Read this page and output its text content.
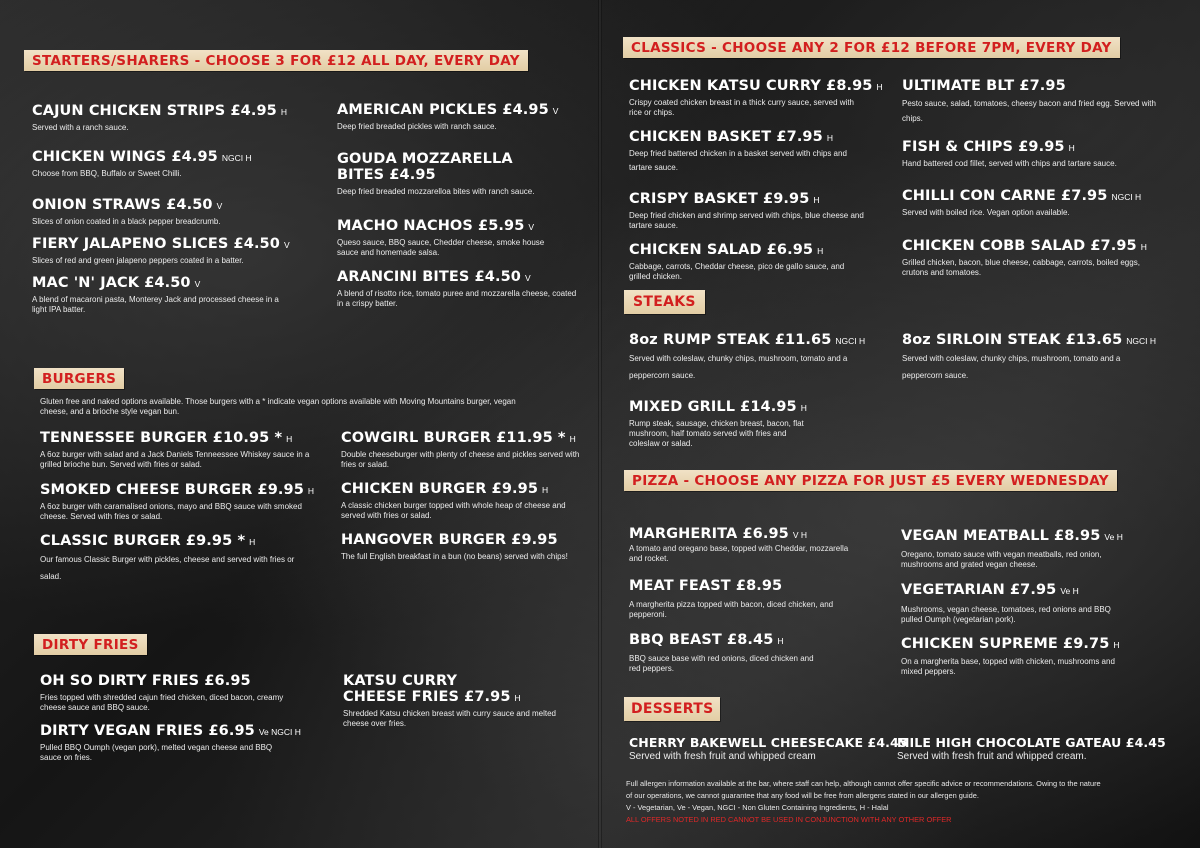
STARTERS/SHARERS - CHOOSE 3 FOR £12 ALL DAY, EVERY DAY
CAJUN CHICKEN STRIPS £4.95 H
Served with a ranch sauce.
CHICKEN WINGS £4.95 NGCI H
Choose from BBQ, Buffalo or Sweet Chilli.
ONION STRAWS £4.50 V
Slices of onion coated in a black pepper breadcrumb.
FIERY JALAPENO SLICES £4.50 V
Slices of red and green jalapeno peppers coated in a batter.
MAC 'N' JACK £4.50 V
A blend of macaroni pasta, Monterey Jack and processed cheese in a light IPA batter.
AMERICAN PICKLES £4.95 V
Deep fried breaded pickles with ranch sauce.
GOUDA MOZZARELLA BITES £4.95
Deep fried breaded mozzarelloa bites with ranch sauce.
MACHO NACHOS £5.95 V
Queso sauce, BBQ sauce, Chedder cheese, smoke house sauce and homemade salsa.
ARANCINI BITES £4.50 V
A blend of risotto rice, tomato puree and mozzarella cheese, coated in a crispy batter.
BURGERS
Gluten free and naked options available. Those burgers with a * indicate vegan options available with Moving Mountains burger, vegan cheese, and a brioche style vegan bun.
TENNESSEE BURGER £10.95 * H
A 6oz burger with salad and a Jack Daniels Tenneessee Whiskey sauce in a grilled brioche bun. Served with fries or salad.
SMOKED CHEESE BURGER £9.95 H
A 6oz burger with caramalised onions, mayo and BBQ sauce with smoked cheese. Served with fries or salad.
CLASSIC BURGER £9.95 * H
Our famous Classic Burger with pickles, cheese and served with fries or salad.
COWGIRL BURGER £11.95 * H
Double cheeseburger with plenty of cheese and pickles served with fries or salad.
CHICKEN BURGER £9.95 H
A classic chicken burger topped with whole heap of cheese and served with fries or salad.
HANGOVER BURGER £9.95
The full English breakfast in a bun (no beans) served with chips!
DIRTY FRIES
OH SO DIRTY FRIES £6.95
Fries topped with shredded cajun fried chicken, diced bacon, creamy cheese sauce and BBQ sauce.
DIRTY VEGAN FRIES £6.95 Ve NGCI H
Pulled BBQ Oumph (vegan pork), melted vegan cheese and BBQ sauce on fries.
KATSU CURRY
CHEESE FRIES £7.95 H
Shredded Katsu chicken breast with curry sauce and melted cheese over fries.
CLASSICS - CHOOSE ANY 2 FOR £12 BEFORE 7PM, EVERY DAY
CHICKEN KATSU CURRY £8.95 H
Crispy coated chicken breast in a thick curry sauce, served with rice or chips.
CHICKEN BASKET £7.95 H
Deep fried battered chicken in a basket served with chips and tartare sauce.
CRISPY BASKET £9.95 H
Deep fried chicken and shrimp served with chips, blue cheese and tartare sauce.
CHICKEN SALAD £6.95 H
Cabbage, carrots, Cheddar cheese, pico de gallo sauce, and grilled chicken.
ULTIMATE BLT £7.95
Pesto sauce, salad, tomatoes, cheesy bacon and fried egg. Served with chips.
FISH & CHIPS £9.95 H
Hand battered cod fillet, served with chips and tartare sauce.
CHILLI CON CARNE £7.95 NGCI H
Served with boiled rice. Vegan option available.
CHICKEN COBB SALAD £7.95 H
Grilled chicken, bacon, blue cheese, cabbage, carrots, boiled eggs, crutons and tomatoes.
STEAKS
8oz RUMP STEAK £11.65 NGCI H
Served with coleslaw, chunky chips, mushroom, tomato and a peppercorn sauce.
MIXED GRILL £14.95 H
Rump steak, sausage, chicken breast, bacon, flat mushroom, half tomato served with fries and coleslaw or salad.
8oz SIRLOIN STEAK £13.65 NGCI H
Served with coleslaw, chunky chips, mushroom, tomato and a peppercorn sauce.
PIZZA - CHOOSE ANY PIZZA FOR JUST £5 EVERY WEDNESDAY
MARGHERITA £6.95 V H
A tomato and oregano base, topped with Cheddar, mozzarella and rocket.
MEAT FEAST £8.95
A margherita pizza topped with bacon, diced chicken, and pepperoni.
BBQ BEAST £8.45 H
BBQ sauce base with red onions, diced chicken and red peppers.
VEGAN MEATBALL £8.95 Ve H
Oregano, tomato sauce with vegan meatballs, red onion, mushrooms and grated vegan cheese.
VEGETARIAN £7.95 Ve H
Mushrooms, vegan cheese, tomatoes, red onions and BBQ pulled Oumph (vegetarian pork).
CHICKEN SUPREME £9.75 H
On a margherita base, topped with chicken, mushrooms and mixed peppers.
DESSERTS
CHERRY BAKEWELL CHEESECAKE £4.45
Served with fresh fruit and whipped cream
MILE HIGH CHOCOLATE GATEAU £4.45
Served with fresh fruit and whipped cream.
Full allergen information available at the bar, where staff can help, although cannot offer specific advice or recommendations. Owing to the nature
of our operations, we cannot guarantee that any food will be free from allergens stated in our allergen guide.
V - Vegetarian, Ve - Vegan, NGCI - Non Gluten Containing Ingredients, H - Halal
ALL OFFERS NOTED IN RED CANNOT BE USED IN CONJUNCTION WITH ANY OTHER OFFER
